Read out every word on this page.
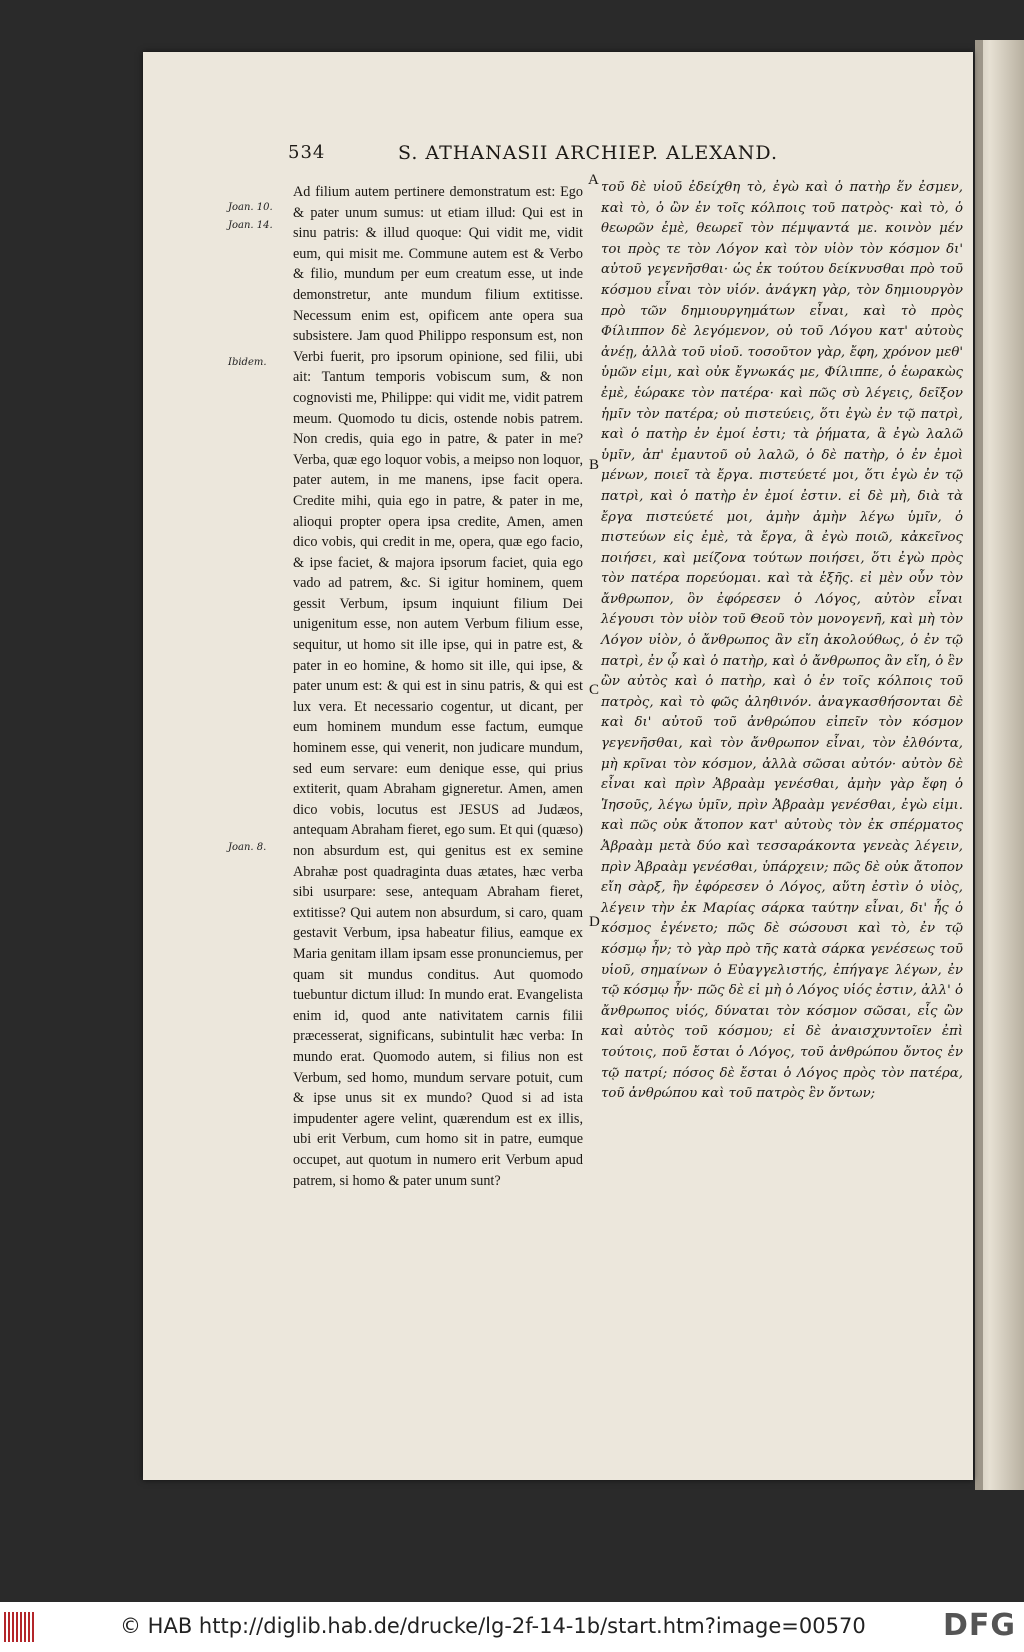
534	S. ATHANASII ARCHIEP. ALEXAND.
Joan. 10.
Joan. 14.
Ibidem.
Joan. 8.
Ad filium autem pertinere demonstratum est: Ego & pater unum sumus: ut etiam illud: Qui est in sinu patris: & illud quoque: Qui vidit me, vidit eum, qui misit me. Commune autem est & Verbo & filio, mundum per eum creatum esse, ut inde demonstretur, ante mundum filium extitisse. Necessum enim est, opificem ante opera sua subsistere. Jam quod Philippo responsum est, non Verbi fuerit, pro ipsorum opinione, sed filii, ubi ait: Tantum temporis vobiscum sum, & non cognovisti me, Philippe: qui vidit me, vidit patrem meum. Quomodo tu dicis, ostende nobis patrem. Non credis, quia ego in patre, & pater in me? Verba, quæ ego loquor vobis, a meipso non loquor, pater autem, in me manens, ipse facit opera. Credite mihi, quia ego in patre, & pater in me, alioqui propter opera ipsa credite, Amen, amen dico vobis, qui credit in me, opera, quæ ego facio, & ipse faciet, & majora ipsorum faciet, quia ego vado ad patrem, &c. Si igitur hominem, quem gessit Verbum, ipsum inquiunt filium Dei unigenitum esse, non autem Verbum filium esse, sequitur, ut homo sit ille ipse, qui in patre est, & pater in eo homine, & homo sit ille, qui ipse, & pater unum est: & qui est in sinu patris, & qui est lux vera. Et necessario cogentur, ut dicant, per eum hominem mundum esse factum, eumque hominem esse, qui venerit, non judicare mundum, sed eum servare: eum denique esse, qui prius extiterit, quam Abraham gigneretur. Amen, amen dico vobis, locutus est JESUS ad Judæos, antequam Abraham fieret, ego sum. Et qui (quæso) non absurdum est, qui genitus est ex semine Abrahæ post quadraginta duas ætates, hæc verba sibi usurpare: sese, antequam Abraham fieret, extitisse? Qui autem non absurdum, si caro, quam gestavit Verbum, ipsa habeatur filius, eamque ex Maria genitam illam ipsam esse pronunciemus, per quam sit mundus conditus. Aut quomodo tuebuntur dictum illud: In mundo erat. Evangelista enim id, quod ante nativitatem carnis filii præcesserat, significans, subintulit hæc verba: In mundo erat. Quomodo autem, si filius non est Verbum, sed homo, mundum servare potuit, cum & ipse unus sit ex mundo? Quod si ad ista impudenter agere velint, quærendum est ex illis, ubi erit Verbum, cum homo sit in patre, eumque occupet, aut quotum in numero erit Verbum apud patrem, si homo & pater unum sunt?
A
B
C
D
τοῦ δὲ υἱοῦ ἐδείχθη τὸ, ἐγὼ καὶ ὁ πατὴρ ἕν ἐσμεν, καὶ τὸ, ὁ ὢν ἐν τοῖς κόλποις τοῦ πατρὸς· καὶ τὸ, ὁ θεωρῶν ἐμὲ, θεωρεῖ τὸν πέμψαντά με. κοινὸν μέν τοι πρὸς τε τὸν Λόγον καὶ τὸν υἱὸν τὸν κόσμον δι' αὐτοῦ γεγενῆσθαι· ὡς ἐκ τούτου δείκνυσθαι πρὸ τοῦ κόσμου εἶναι τὸν υἱόν. ἀνάγκη γὰρ, τὸν δημιουργὸν πρὸ τῶν δημιουργημάτων εἶναι, καὶ τὸ πρὸς Φίλιππον δὲ λεγόμενον, οὐ τοῦ Λόγου κατ' αὐτοὺς ἀνέῃ, ἀλλὰ τοῦ υἱοῦ. τοσοῦτον γὰρ, ἔφη, χρόνον μεθ' ὑμῶν εἰμι, καὶ οὐκ ἔγνωκάς με, Φίλιππε, ὁ ἑωρακὼς ἐμὲ, ἑώρακε τὸν πατέρα· καὶ πῶς σὺ λέγεις, δεῖξον ἡμῖν τὸν πατέρα; οὐ πιστεύεις, ὅτι ἐγὼ ἐν τῷ πατρὶ, καὶ ὁ πατὴρ ἐν ἐμοί ἐστι; τὰ ῥήματα, ἃ ἐγὼ λαλῶ ὑμῖν, ἀπ' ἐμαυτοῦ οὐ λαλῶ, ὁ δὲ πατὴρ, ὁ ἐν ἐμοὶ μένων, ποιεῖ τὰ ἔργα. πιστεύετέ μοι, ὅτι ἐγὼ ἐν τῷ πατρὶ, καὶ ὁ πατὴρ ἐν ἐμοί ἐστιν. εἰ δὲ μὴ, διὰ τὰ ἔργα πιστεύετέ μοι, ἀμὴν ἀμὴν λέγω ὑμῖν, ὁ πιστεύων εἰς ἐμὲ, τὰ ἔργα, ἃ ἐγὼ ποιῶ, κἀκεῖνος ποιήσει, καὶ μείζονα τούτων ποιήσει, ὅτι ἐγὼ πρὸς τὸν πατέρα πορεύομαι. καὶ τὰ ἑξῆς. εἰ μὲν οὖν τὸν ἄνθρωπον, ὃν ἐφόρεσεν ὁ Λόγος, αὐτὸν εἶναι λέγουσι τὸν υἱὸν τοῦ Θεοῦ τὸν μονογενῆ, καὶ μὴ τὸν Λόγον υἱὸν, ὁ ἄνθρωπος ἂν εἴη ἀκολούθως, ὁ ἐν τῷ πατρὶ, ἐν ᾧ καὶ ὁ πατὴρ, καὶ ὁ ἄνθρωπος ἂν εἴη, ὁ ἓν ὢν αὐτὸς καὶ ὁ πατὴρ, καὶ ὁ ἐν τοῖς κόλποις τοῦ πατρὸς, καὶ τὸ φῶς ἀληθινόν. ἀναγκασθήσονται δὲ καὶ δι' αὐτοῦ τοῦ ἀνθρώπου εἰπεῖν τὸν κόσμον γεγενῆσθαι, καὶ τὸν ἄνθρωπον εἶναι, τὸν ἐλθόντα, μὴ κρῖναι τὸν κόσμον, ἀλλὰ σῶσαι αὐτόν· αὐτὸν δὲ εἶναι καὶ πρὶν Ἀβραὰμ γενέσθαι, ἀμὴν γὰρ ἔφη ὁ Ἰησοῦς, λέγω ὑμῖν, πρὶν Ἀβραὰμ γενέσθαι, ἐγὼ εἰμι. καὶ πῶς οὐκ ἄτοπον κατ' αὐτοὺς τὸν ἐκ σπέρματος Ἀβραὰμ μετὰ δύο καὶ τεσσαράκοντα γενεὰς λέγειν, πρὶν Ἀβραὰμ γενέσθαι, ὑπάρχειν; πῶς δὲ οὐκ ἄτοπον εἴη σὰρξ, ἣν ἐφόρεσεν ὁ Λόγος, αὕτη ἐστὶν ὁ υἱὸς, λέγειν τὴν ἐκ Μαρίας σάρκα ταύτην εἶναι, δι' ἧς ὁ κόσμος ἐγένετο; πῶς δὲ σώσουσι καὶ τὸ, ἐν τῷ κόσμῳ ἦν; τὸ γὰρ πρὸ τῆς κατὰ σάρκα γενέσεως τοῦ υἱοῦ, σημαίνων ὁ Εὐαγγελιστής, ἐπήγαγε λέγων, ἐν τῷ κόσμῳ ἦν· πῶς δὲ εἰ μὴ ὁ Λόγος υἱός ἐστιν, ἀλλ' ὁ ἄνθρωπος υἱός, δύναται τὸν κόσμον σῶσαι, εἷς ὢν καὶ αὐτὸς τοῦ κόσμου; εἰ δὲ ἀναισχυντοῖεν ἐπὶ τούτοις, ποῦ ἔσται ὁ Λόγος, τοῦ ἀνθρώπου ὄντος ἐν τῷ πατρί; πόσος δὲ ἔσται ὁ Λόγος πρὸς τὸν πατέρα, τοῦ ἀνθρώπου καὶ τοῦ πατρὸς ἓν ὄντων;
© HAB http://diglib.hab.de/drucke/lg-2f-14-1b/start.htm?image=00570	DFG
